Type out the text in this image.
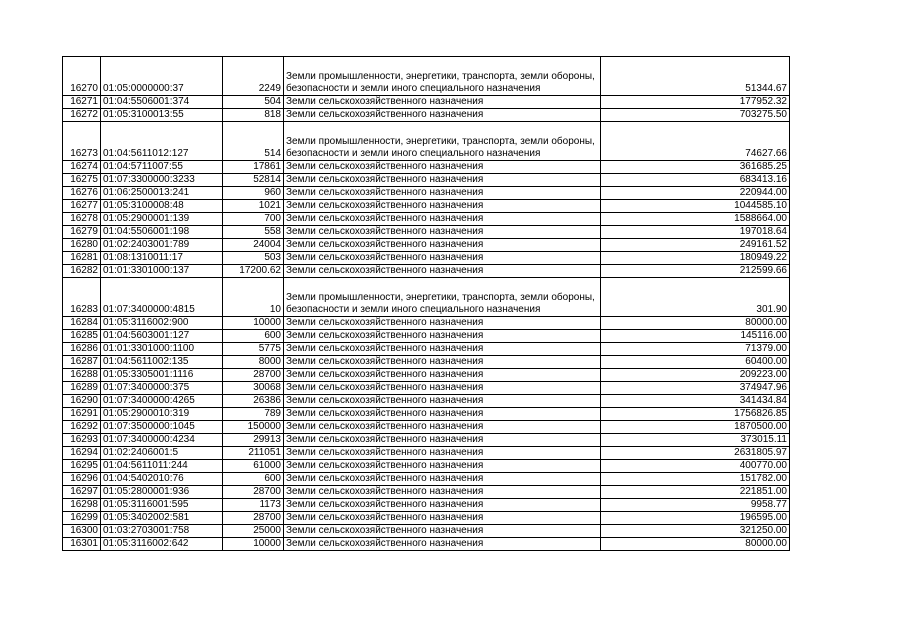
16270	01:05:0000000:37	2249	Земли промышленности, энергетики, транспорта, земли обороны, безопасности и земли иного специального назначения	51344.67
16271	01:04:5506001:374	504	Земли сельскохозяйственного назначения	177952.32
16272	01:05:3100013:55	818	Земли сельскохозяйственного назначения	703275.50
16273	01:04:5611012:127	514	Земли промышленности, энергетики, транспорта, земли обороны, безопасности и земли иного специального назначения	74627.66
16274	01:04:5711007:55	17861	Земли сельскохозяйственного назначения	361685.25
16275	01:07:3300000:3233	52814	Земли сельскохозяйственного назначения	683413.16
16276	01:06:2500013:241	960	Земли сельскохозяйственного назначения	220944.00
16277	01:05:3100008:48	1021	Земли сельскохозяйственного назначения	1044585.10
16278	01:05:2900001:139	700	Земли сельскохозяйственного назначения	1588664.00
16279	01:04:5506001:198	558	Земли сельскохозяйственного назначения	197018.64
16280	01:02:2403001:789	24004	Земли сельскохозяйственного назначения	249161.52
16281	01:08:1310011:17	503	Земли сельскохозяйственного назначения	180949.22
16282	01:01:3301000:137	17200.62	Земли сельскохозяйственного назначения	212599.66
16283	01:07:3400000:4815	10	Земли промышленности, энергетики, транспорта, земли обороны, безопасности и земли иного специального назначения	301.90
16284	01:05:3116002:900	10000	Земли сельскохозяйственного назначения	80000.00
16285	01:04:5603001:127	600	Земли сельскохозяйственного назначения	145116.00
16286	01:01:3301000:1100	5775	Земли сельскохозяйственного назначения	71379.00
16287	01:04:5611002:135	8000	Земли сельскохозяйственного назначения	60400.00
16288	01:05:3305001:1116	28700	Земли сельскохозяйственного назначения	209223.00
16289	01:07:3400000:375	30068	Земли сельскохозяйственного назначения	374947.96
16290	01:07:3400000:4265	26386	Земли сельскохозяйственного назначения	341434.84
16291	01:05:2900010:319	789	Земли сельскохозяйственного назначения	1756826.85
16292	01:07:3500000:1045	150000	Земли сельскохозяйственного назначения	1870500.00
16293	01:07:3400000:4234	29913	Земли сельскохозяйственного назначения	373015.11
16294	01:02:2406001:5	211051	Земли сельскохозяйственного назначения	2631805.97
16295	01:04:5611011:244	61000	Земли сельскохозяйственного назначения	400770.00
16296	01:04:5402010:76	600	Земли сельскохозяйственного назначения	151782.00
16297	01:05:2800001:936	28700	Земли сельскохозяйственного назначения	221851.00
16298	01:05:3116001:595	1173	Земли сельскохозяйственного назначения	9958.77
16299	01:05:3402002:581	28700	Земли сельскохозяйственного назначения	196595.00
16300	01:03:2703001:758	25000	Земли сельскохозяйственного назначения	321250.00
16301	01:05:3116002:642	10000	Земли сельскохозяйственного назначения	80000.00
